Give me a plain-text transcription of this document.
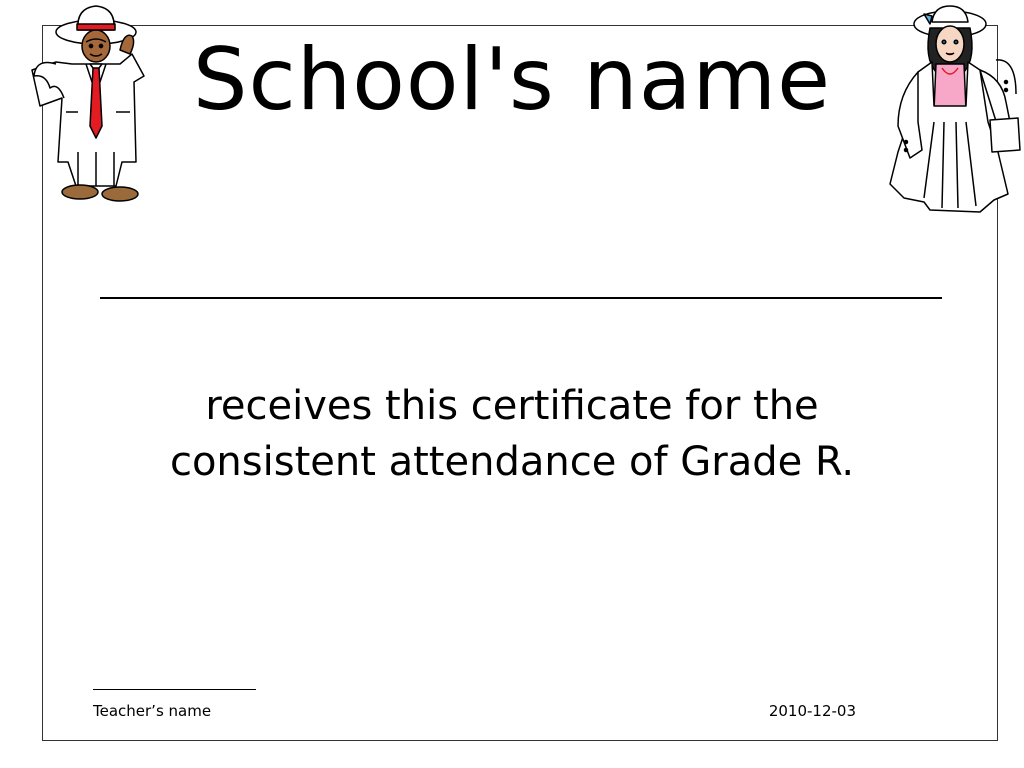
School's name
receives this certificate for the
consistent attendance of Grade R.
Teacher’s name	2010-12-03
